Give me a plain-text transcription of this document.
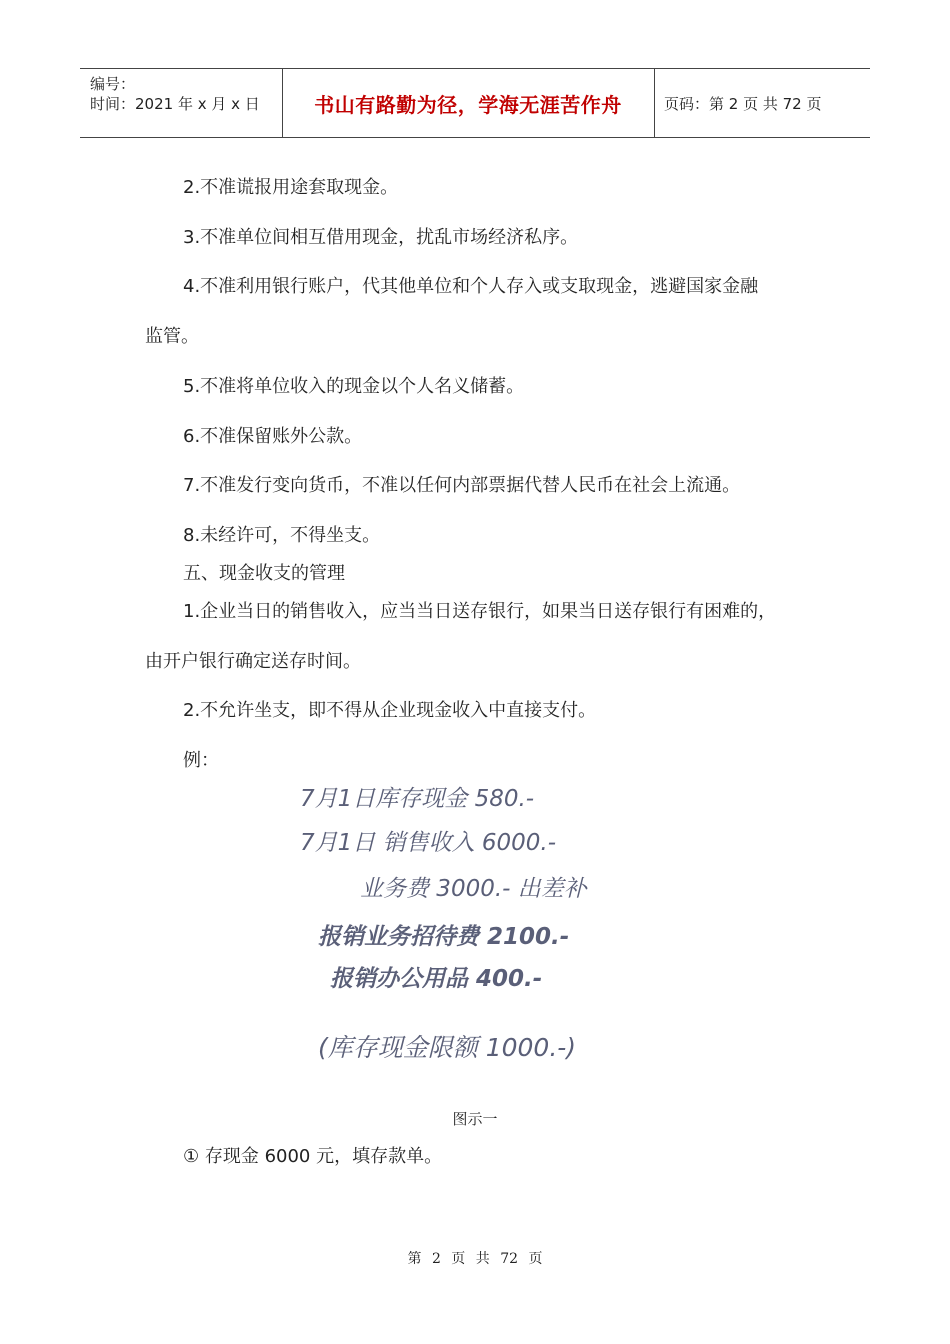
编号：
时间：2021 年 x 月 x 日	书山有路勤为径，学海无涯苦作舟	页码：第 2 页 共 72 页
2.不准谎报用途套取现金。
3.不准单位间相互借用现金，扰乱市场经济私序。
4.不准利用银行账户，代其他单位和个人存入或支取现金，逃避国家金融
监管。
5.不准将单位收入的现金以个人名义储蓄。
6.不准保留账外公款。
7.不准发行变向货币，不准以任何内部票据代替人民币在社会上流通。
8.未经许可，不得坐支。
五、现金收支的管理
1.企业当日的销售收入，应当当日送存银行，如果当日送存银行有困难的，
由开户银行确定送存时间。
2.不允许坐支，即不得从企业现金收入中直接支付。
例：
7月1日库存现金 580.-
7月1日 销售收入 6000.-
业务费 3000.- 出差补
报销业务招待费 2100.-
报销办公用品 400.-
(库存现金限额 1000.-)
图示一
① 存现金 6000 元，填存款单。
第 2 页 共 72 页
